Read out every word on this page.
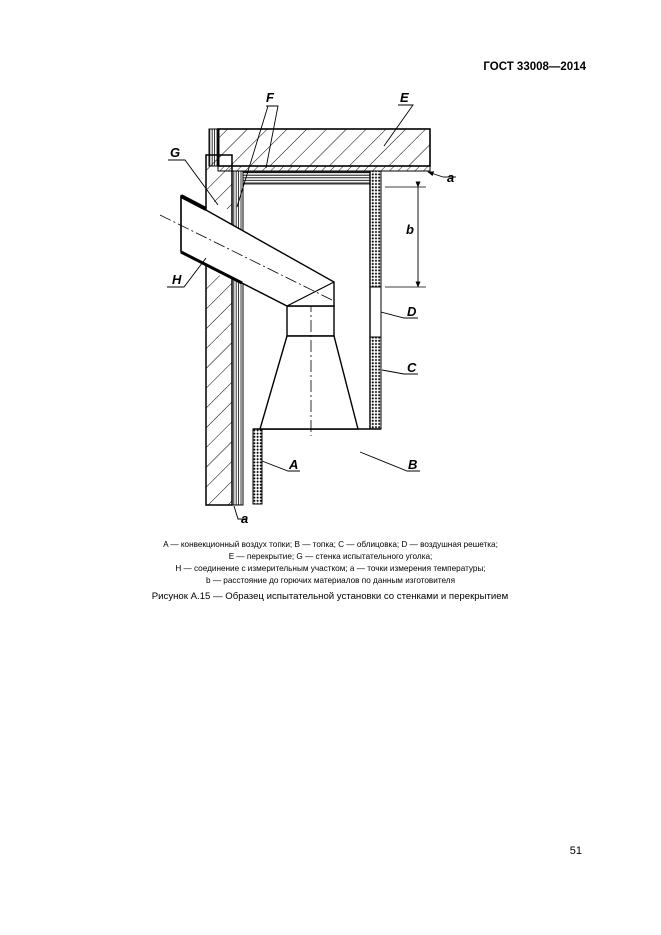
ГОСТ 33008—2014
E
F
G
H
a
b
D
C
A	B
a
A — конвекционный воздух топки; B — топка; C — облицовка; D — воздушная решетка;
E — перекрытие; G — стенка испытательного уголка;
H — соединение с измерительным участком; a — точки измерения температуры;
b — расстояние до горючих материалов по данным изготовителя
Рисунок А.15 — Образец испытательной установки со стенками и перекрытием
51
